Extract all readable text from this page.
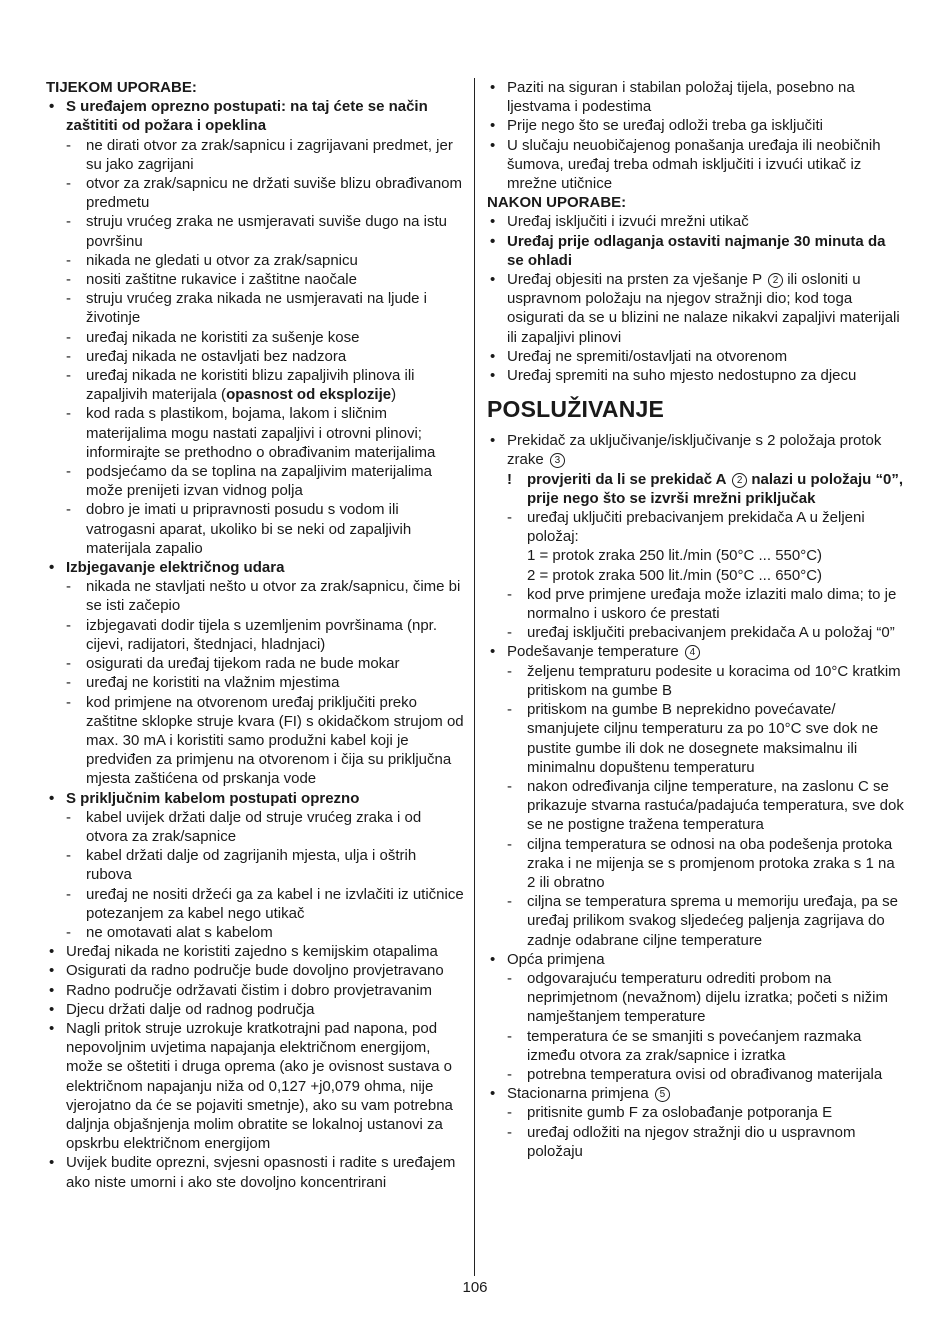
TIJEKOM UPORABE:
• S uređajem oprezno postupati: na taj ćete se način zaštititi od požara i opeklina
- ne dirati otvor za zrak/sapnicu i zagrijavani predmet, jer su jako zagrijani
- otvor za zrak/sapnicu ne držati suviše blizu obrađivanom predmetu
- struju vrućeg zraka ne usmjeravati suviše dugo na istu površinu
- nikada ne gledati u otvor za zrak/sapnicu
- nositi zaštitne rukavice i zaštitne naočale
- struju vrućeg zraka nikada ne usmjeravati na ljude i životinje
- uređaj nikada ne koristiti za sušenje kose
- uređaj nikada ne ostavljati bez nadzora
- uređaj nikada ne koristiti blizu zapaljivih plinova ili zapaljivih materijala (opasnost od eksplozije)
- kod rada s plastikom, bojama, lakom i sličnim materijalima mogu nastati zapaljivi i otrovni plinovi; informirajte se prethodno o obrađivanim materijalima
- podsjećamo da se toplina na zapaljivim materijalima može prenijeti izvan vidnog polja
- dobro je imati u pripravnosti posudu s vodom ili vatrogasni aparat, ukoliko bi se neki od zapaljivih materijala zapalio
• Izbjegavanje električnog udara
- nikada ne stavljati nešto u otvor za zrak/sapnicu, čime bi se isti začepio
- izbjegavati dodir tijela s uzemljenim površinama (npr. cijevi, radijatori, štednjaci, hladnjaci)
- osigurati da uređaj tijekom rada ne bude mokar
- uređaj ne koristiti na vlažnim mjestima
- kod primjene na otvorenom uređaj priključiti preko zaštitne sklopke struje kvara (FI) s okidačkom strujom od max. 30 mA i koristiti samo produžni kabel koji je predviđen za primjenu na otvorenom i čija su priključna mjesta zaštićena od prskanja vode
• S priključnim kabelom postupati oprezno
- kabel uvijek držati dalje od struje vrućeg zraka i od otvora za zrak/sapnice
- kabel držati dalje od zagrijanih mjesta, ulja i oštrih rubova
- uređaj ne nositi držeći ga za kabel i ne izvlačiti iz utičnice potezanjem za kabel nego utikač
- ne omotavati alat s kabelom
• Uređaj nikada ne koristiti zajedno s kemijskim otapalima
• Osigurati da radno područje bude dovoljno provjetravano
• Radno područje održavati čistim i dobro provjetravanim
• Djecu držati dalje od radnog područja
• Nagli pritok struje uzrokuje kratkotrajni pad napona, pod nepovoljnim uvjetima napajanja električnom energijom, može se oštetiti i druga oprema (ako je ovisnost sustava o električnom napajanju niža od 0,127 +j0,079 ohma, nije vjerojatno da će se pojaviti smetnje), ako su vam potrebna daljnja objašnjenja molim obratite se lokalnoj ustanovi za opskrbu električnom energijom
• Uvijek budite oprezni, svjesni opasnosti i radite s uređajem ako niste umorni i ako ste dovoljno koncentrirani
• Paziti na siguran i stabilan položaj tijela, posebno na ljestvama i podestima
• Prije nego što se uređaj odloži treba ga isključiti
• U slučaju neuobičajenog ponašanja uređaja ili neobičnih šumova, uređaj treba odmah isključiti i izvući utikač iz mrežne utičnice
NAKON UPORABE:
• Uređaj isključiti i izvući mrežni utikač
• Uređaj prije odlaganja ostaviti najmanje 30 minuta da se ohladi
• Uređaj objesiti na prsten za vješanje P 2 ili osloniti u uspravnom položaju na njegov stražnji dio; kod toga osigurati da se u blizini ne nalaze nikakvi zapaljivi materijali ili zapaljivi plinovi
• Uređaj ne spremiti/ostavljati na otvorenom
• Uređaj spremiti na suho mjesto nedostupno za djecu
POSLUŽIVANJE
• Prekidač za uključivanje/isključivanje s 2 položaja protok zrake 3
! provjeriti da li se prekidač A 2 nalazi u položaju “0”, prije nego što se izvrši mrežni priključak
- uređaj uključiti prebacivanjem prekidača A u željeni položaj:
1 = protok zraka 250 lit./min (50°C ... 550°C)
2 = protok zraka 500 lit./min (50°C ... 650°C)
- kod prve primjene uređaja može izlaziti malo dima; to je normalno i uskoro će prestati
- uređaj isključiti prebacivanjem prekidača A u položaj “0”
• Podešavanje temperature 4
- željenu tempraturu podesite u koracima od 10°C kratkim pritiskom na gumbe B
- pritiskom na gumbe B neprekidno povećavate/ smanjujete ciljnu temperaturu za po 10°C sve dok ne pustite gumbe ili dok ne dosegnete maksimalnu ili minimalnu dopuštenu temperaturu
- nakon određivanja ciljne temperature, na zaslonu C se prikazuje stvarna rastuća/padajuća temperatura, sve dok se ne postigne tražena temperatura
- ciljna temperatura se odnosi na oba podešenja protoka zraka i ne mijenja se s promjenom protoka zraka s 1 na 2 ili obratno
- ciljna se temperatura sprema u memoriju uređaja, pa se uređaj prilikom svakog sljedećeg paljenja zagrijava do zadnje odabrane ciljne temperature
• Opća primjena
- odgovarajuću temperaturu odrediti probom na neprimjetnom (nevažnom) dijelu izratka; početi s nižim namještanjem temperature
- temperatura će se smanjiti s povećanjem razmaka između otvora za zrak/sapnice i izratka
- potrebna temperatura ovisi od obrađivanog materijala
• Stacionarna primjena 5
- pritisnite gumb F za oslobađanje potporanja E
- uređaj odložiti na njegov stražnji dio u uspravnom položaju
106
